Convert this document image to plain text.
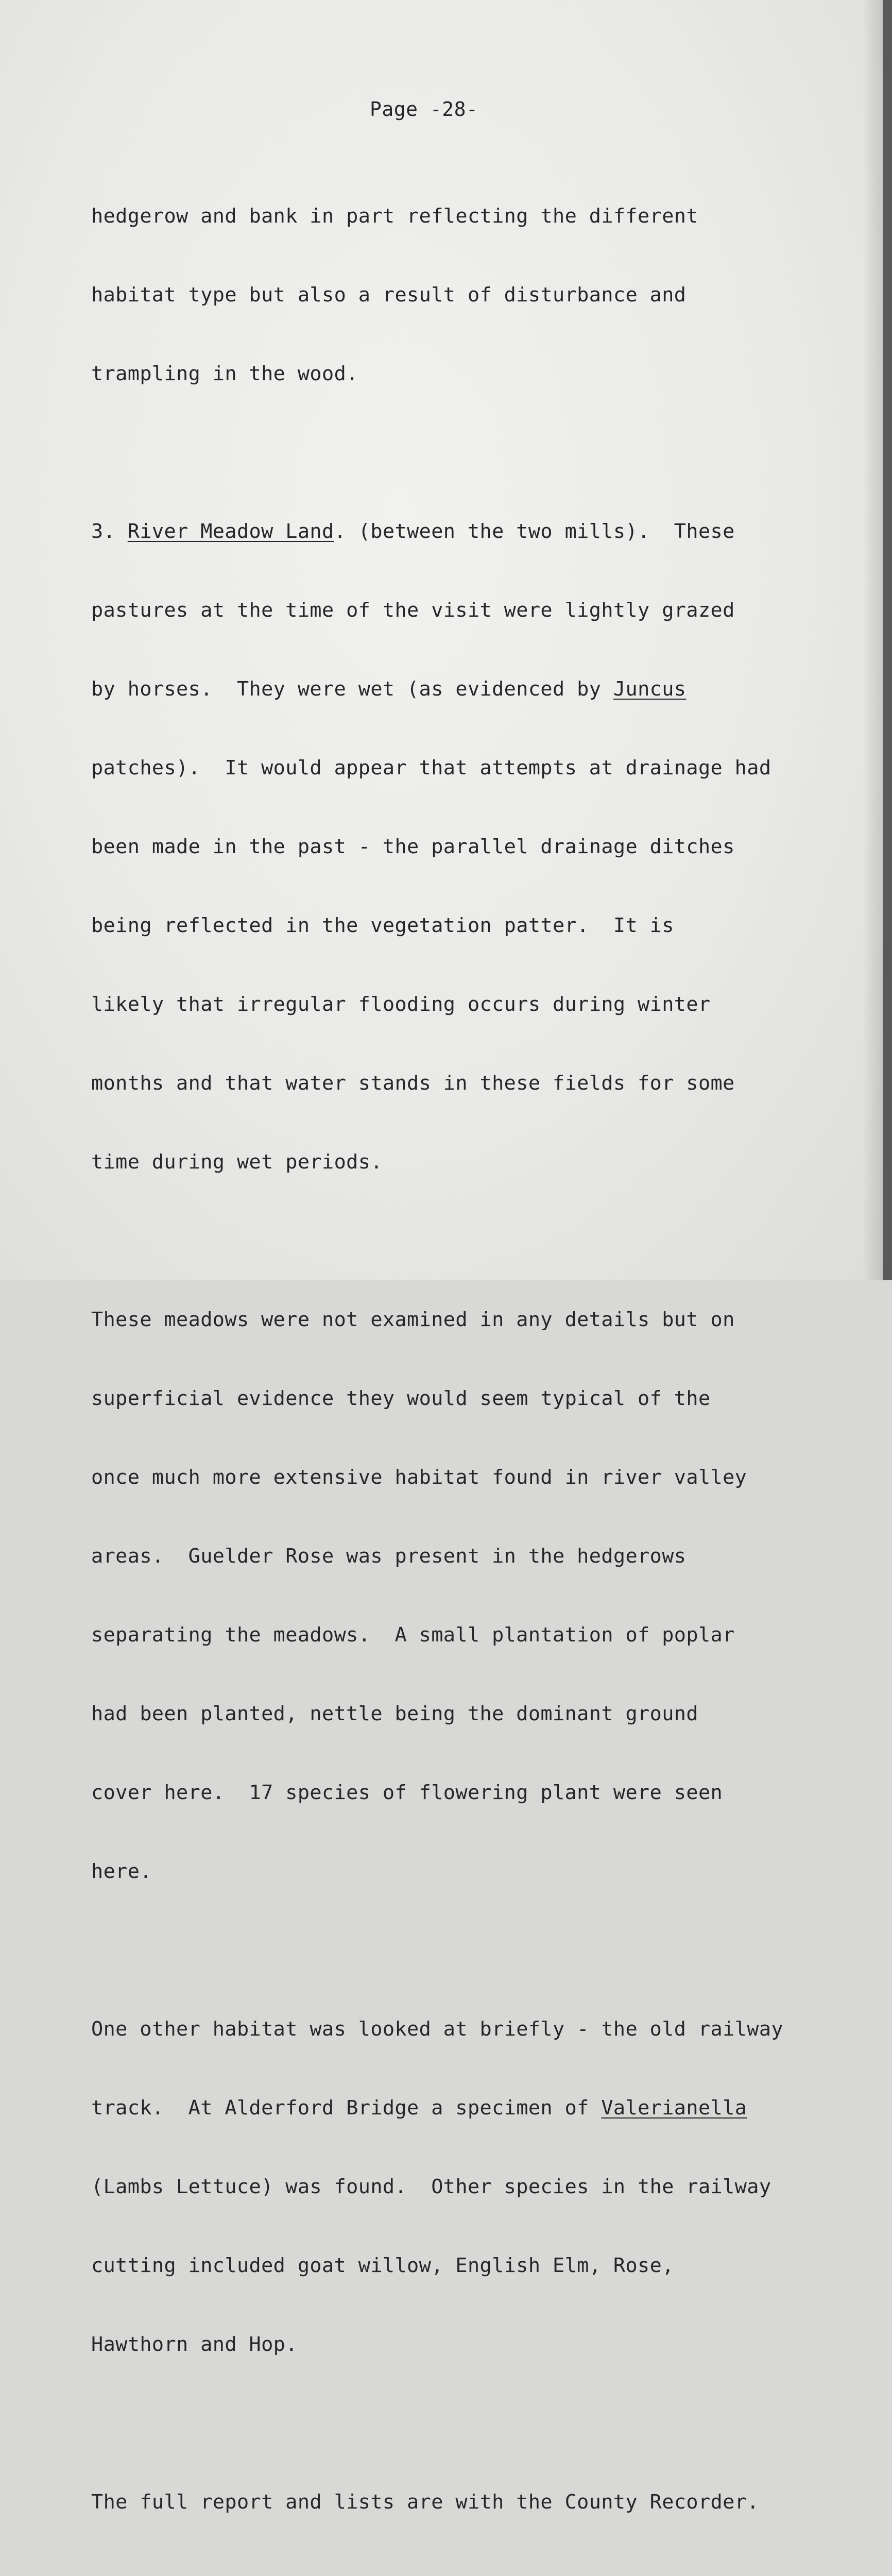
Page -28-

hedgerow and bank in part reflecting the different

habitat type but also a result of disturbance and

trampling in the wood.

3. River Meadow Land. (between the two mills).  These

pastures at the time of the visit were lightly grazed

by horses.  They were wet (as evidenced by Juncus

patches).  It would appear that attempts at drainage had

been made in the past - the parallel drainage ditches

being reflected in the vegetation patter.  It is

likely that irregular flooding occurs during winter

months and that water stands in these fields for some

time during wet periods.

These meadows were not examined in any details but on

superficial evidence they would seem typical of the

once much more extensive habitat found in river valley

areas.  Guelder Rose was present in the hedgerows

separating the meadows.  A small plantation of poplar

had been planted, nettle being the dominant ground

cover here.  17 species of flowering plant were seen

here.

One other habitat was looked at briefly - the old railway

track.  At Alderford Bridge a specimen of Valerianella

(Lambs Lettuce) was found.  Other species in the railway

cutting included goat willow, English Elm, Rose,

Hawthorn and Hop.

The full report and lists are with the County Recorder.
